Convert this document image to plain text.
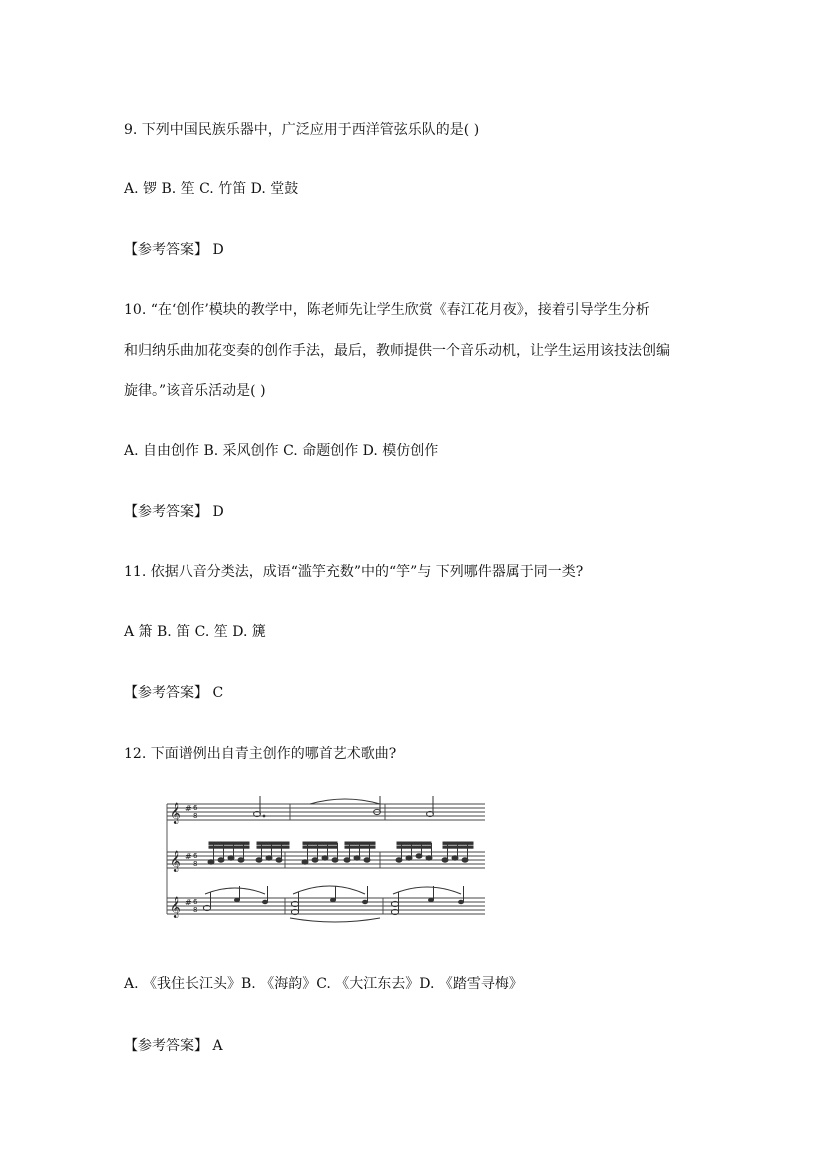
9. 下列中国民族乐器中，广泛应用于西洋管弦乐队的是( )
A. 锣 B. 笙 C. 竹笛 D. 堂鼓
【参考答案】 D
10. “在‘创作’模块的教学中，陈老师先让学生欣赏《春江花月夜》，接着引导学生分析
和归纳乐曲加花变奏的创作手法，最后，教师提供一个音乐动机，让学生运用该技法创编
旋律。”该音乐活动是( )
A. 自由创作 B. 采风创作 C. 命题创作 D. 模仿创作
【参考答案】 D
11. 依据八音分类法，成语“滥竽充数”中的“竽”与 下列哪件器属于同一类?
A 箫 B. 笛 C. 笙 D. 篪
【参考答案】 C
12. 下面谱例出自青主创作的哪首艺术歌曲?
𝄞
𝄞
𝄞
# 6
8
# 6
8
# 6
8
A. 《我住长江头》B. 《海韵》C. 《大江东去》D. 《踏雪寻梅》
【参考答案】 A
